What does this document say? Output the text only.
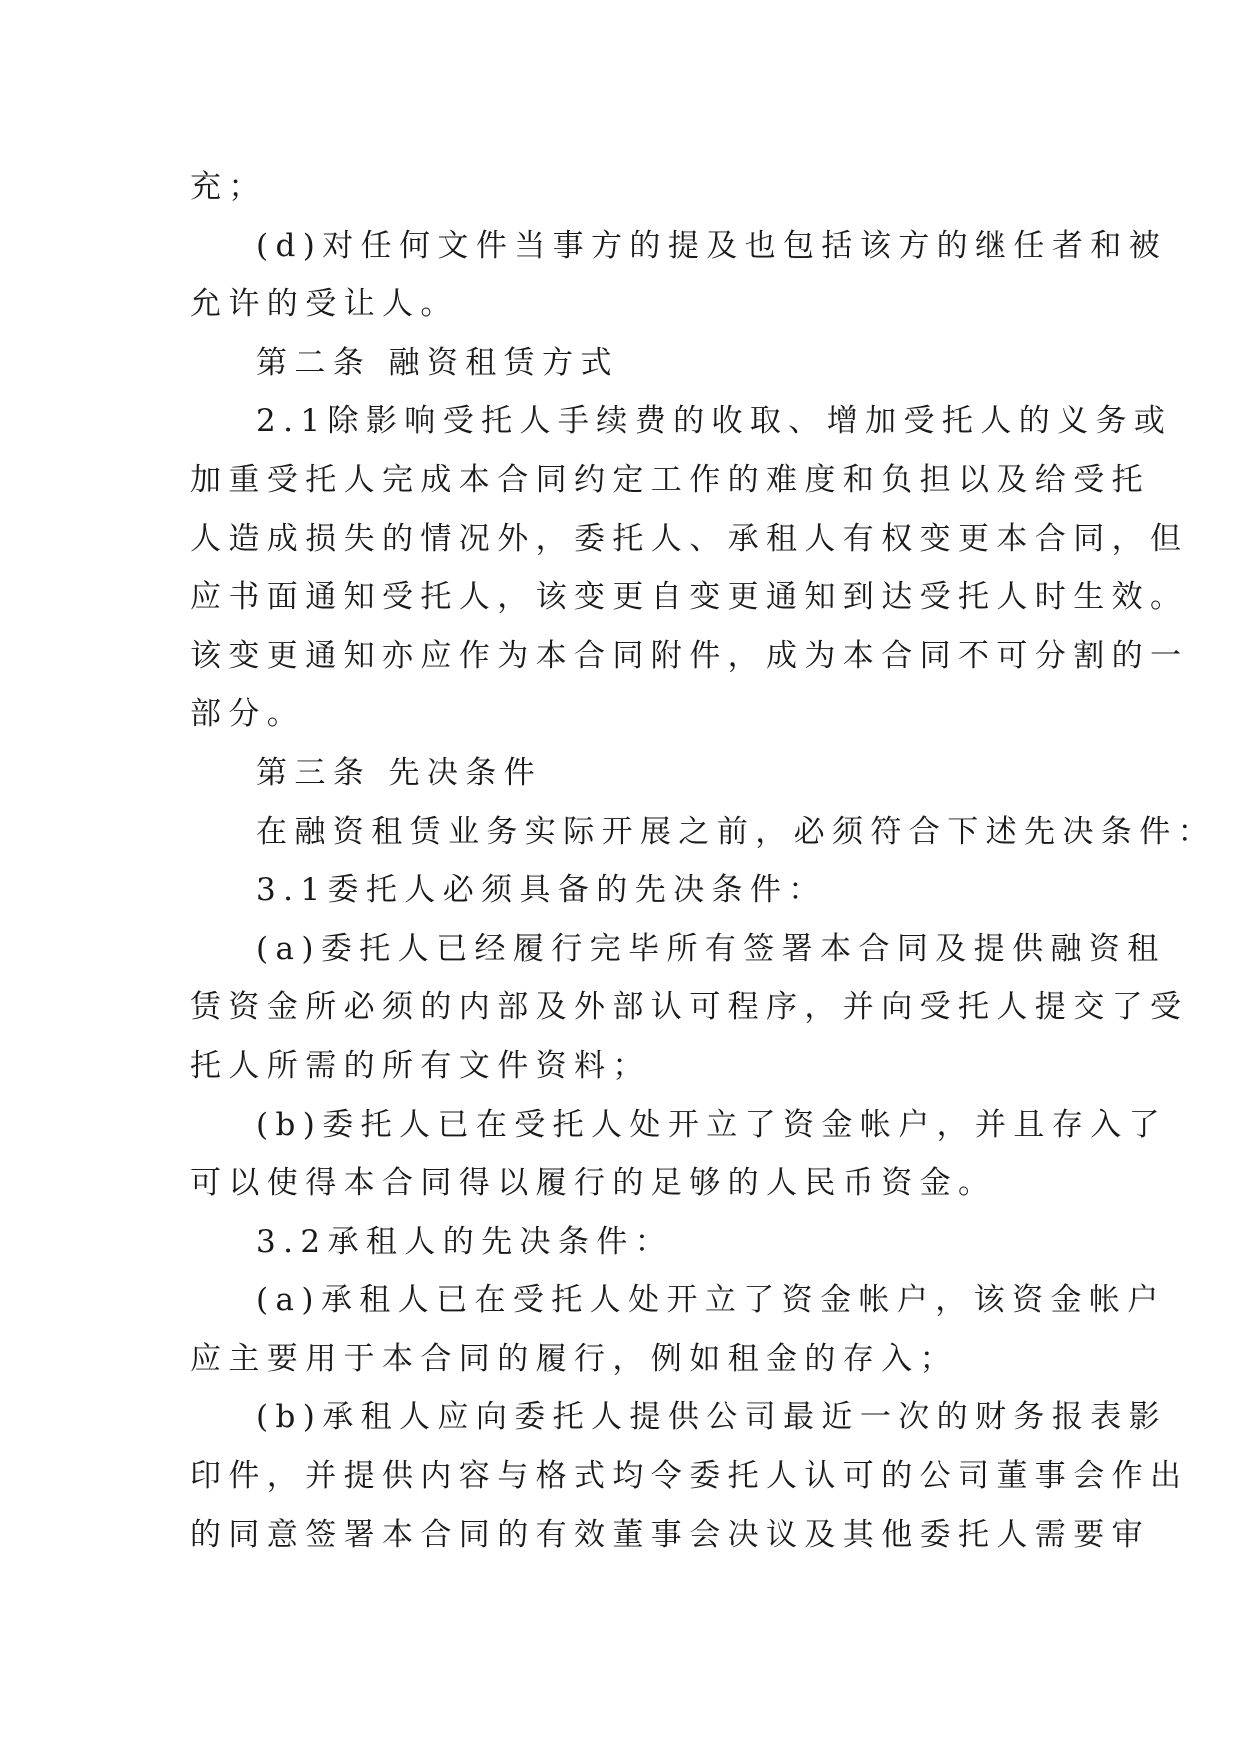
充；
(d)对任何文件当事方的提及也包括该方的继任者和被
允许的受让人。
第二条 融资租赁方式
2.1除影响受托人手续费的收取、增加受托人的义务或
加重受托人完成本合同约定工作的难度和负担以及给受托
人造成损失的情况外，委托人、承租人有权变更本合同，但
应书面通知受托人，该变更自变更通知到达受托人时生效。
该变更通知亦应作为本合同附件，成为本合同不可分割的一
部分。
第三条 先决条件
在融资租赁业务实际开展之前，必须符合下述先决条件：
3.1委托人必须具备的先决条件：
(a)委托人已经履行完毕所有签署本合同及提供融资租
赁资金所必须的内部及外部认可程序，并向受托人提交了受
托人所需的所有文件资料；
(b)委托人已在受托人处开立了资金帐户，并且存入了
可以使得本合同得以履行的足够的人民币资金。
3.2承租人的先决条件：
(a)承租人已在受托人处开立了资金帐户，该资金帐户
应主要用于本合同的履行，例如租金的存入；
(b)承租人应向委托人提供公司最近一次的财务报表影
印件，并提供内容与格式均令委托人认可的公司董事会作出
的同意签署本合同的有效董事会决议及其他委托人需要审
